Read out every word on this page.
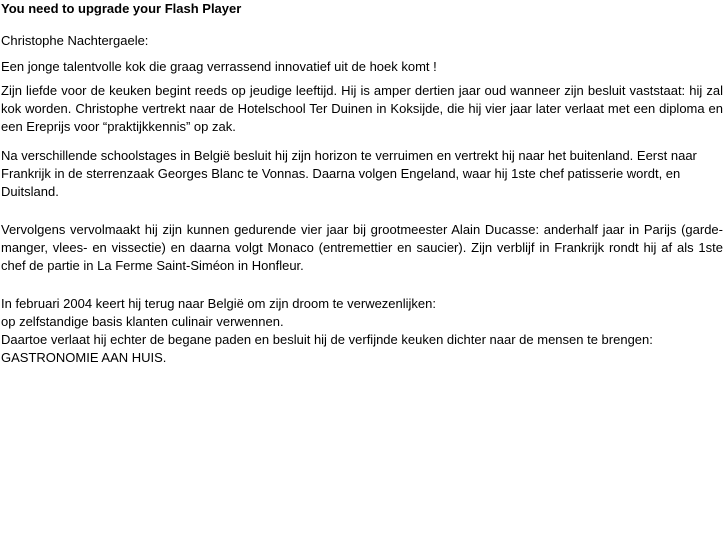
You need to upgrade your Flash Player
Christophe Nachtergaele:
Een jonge talentvolle kok die graag verrassend innovatief uit de hoek komt !
Zijn liefde voor de keuken begint reeds op jeudige leeftijd. Hij is amper dertien jaar oud wanneer zijn besluit vaststaat: hij zal kok worden. Christophe vertrekt naar de Hotelschool Ter Duinen in Koksijde, die hij vier jaar later verlaat met een diploma en een Ereprijs voor “praktijkkennis” op zak.
Na verschillende schoolstages in België besluit hij zijn horizon te verruimen en vertrekt hij naar het buitenland. Eerst naar Frankrijk in de sterrenzaak Georges Blanc te Vonnas. Daarna volgen Engeland, waar hij 1ste chef patisserie wordt, en Duitsland.
Vervolgens vervolmaakt hij zijn kunnen gedurende vier jaar bij grootmeester Alain Ducasse: anderhalf jaar in Parijs (garde-manger, vlees- en vissectie) en daarna volgt Monaco (entremettier en saucier). Zijn verblijf in Frankrijk rondt hij af als 1ste chef de partie in La Ferme Saint-Siméon in Honfleur.
In februari 2004 keert hij terug naar België om zijn droom te verwezenlijken:
op zelfstandige basis klanten culinair verwennen.
Daartoe verlaat hij echter de begane paden en besluit hij de verfijnde keuken dichter naar de mensen te brengen:
GASTRONOMIE AAN HUIS.
